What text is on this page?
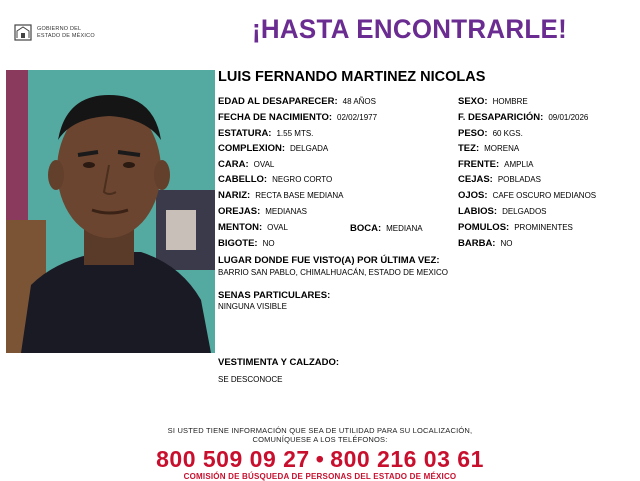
GOBIERNO DEL
ESTADO DE MÉXICO	¡HASTA ENCONTRARLE!
LUIS FERNANDO MARTINEZ NICOLAS
EDAD AL DESAPARECER: 48 AÑOS
FECHA DE NACIMIENTO: 02/02/1977
ESTATURA: 1.55 MTS.
COMPLEXION: DELGADA
CARA: OVAL
CABELLO: NEGRO CORTO
NARIZ: RECTA BASE MEDIANA
OREJAS: MEDIANAS
MENTON: OVAL	BOCA: MEDIANA
BIGOTE: NO
SEXO: HOMBRE
F. DESAPARICIÓN: 09/01/2026
PESO: 60 KGS.
TEZ: MORENA
FRENTE: AMPLIA
CEJAS: POBLADAS
OJOS: CAFE OSCURO MEDIANOS
LABIOS: DELGADOS
POMULOS: PROMINENTES
BARBA: NO
LUGAR DONDE FUE VISTO(A) POR ÚLTIMA VEZ:
BARRIO SAN PABLO, CHIMALHUACÁN, ESTADO DE MEXICO
SENAS PARTICULARES:
NINGUNA VISIBLE
VESTIMENTA Y CALZADO:
SE DESCONOCE
SI USTED TIENE INFORMACIÓN QUE SEA DE UTILIDAD PARA SU LOCALIZACIÓN,
COMUNÍQUESE A LOS TELÉFONOS:
800 509 09 27 • 800 216 03 61
COMISIÓN DE BÚSQUEDA DE PERSONAS DEL ESTADO DE MÉXICO
